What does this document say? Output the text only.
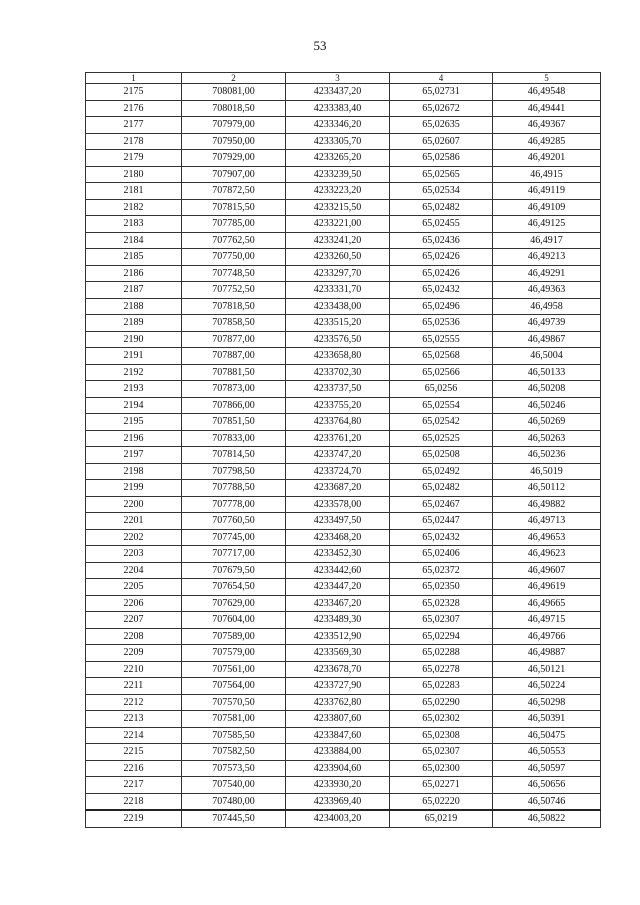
53
1	2	3	4	5
2175	708081,00	4233437,20	65,02731	46,49548
2176	708018,50	4233383,40	65,02672	46,49441
2177	707979,00	4233346,20	65,02635	46,49367
2178	707950,00	4233305,70	65,02607	46,49285
2179	707929,00	4233265,20	65,02586	46,49201
2180	707907,00	4233239,50	65,02565	46,4915
2181	707872,50	4233223,20	65,02534	46,49119
2182	707815,50	4233215,50	65,02482	46,49109
2183	707785,00	4233221,00	65,02455	46,49125
2184	707762,50	4233241,20	65,02436	46,4917
2185	707750,00	4233260,50	65,02426	46,49213
2186	707748,50	4233297,70	65,02426	46,49291
2187	707752,50	4233331,70	65,02432	46,49363
2188	707818,50	4233438,00	65,02496	46,4958
2189	707858,50	4233515,20	65,02536	46,49739
2190	707877,00	4233576,50	65,02555	46,49867
2191	707887,00	4233658,80	65,02568	46,5004
2192	707881,50	4233702,30	65,02566	46,50133
2193	707873,00	4233737,50	65,0256	46,50208
2194	707866,00	4233755,20	65,02554	46,50246
2195	707851,50	4233764,80	65,02542	46,50269
2196	707833,00	4233761,20	65,02525	46,50263
2197	707814,50	4233747,20	65,02508	46,50236
2198	707798,50	4233724,70	65,02492	46,5019
2199	707788,50	4233687,20	65,02482	46,50112
2200	707778,00	4233578,00	65,02467	46,49882
2201	707760,50	4233497,50	65,02447	46,49713
2202	707745,00	4233468,20	65,02432	46,49653
2203	707717,00	4233452,30	65,02406	46,49623
2204	707679,50	4233442,60	65,02372	46,49607
2205	707654,50	4233447,20	65,02350	46,49619
2206	707629,00	4233467,20	65,02328	46,49665
2207	707604,00	4233489,30	65,02307	46,49715
2208	707589,00	4233512,90	65,02294	46,49766
2209	707579,00	4233569,30	65,02288	46,49887
2210	707561,00	4233678,70	65,02278	46,50121
2211	707564,00	4233727,90	65,02283	46,50224
2212	707570,50	4233762,80	65,02290	46,50298
2213	707581,00	4233807,60	65,02302	46,50391
2214	707585,50	4233847,60	65,02308	46,50475
2215	707582,50	4233884,00	65,02307	46,50553
2216	707573,50	4233904,60	65,02300	46,50597
2217	707540,00	4233930,20	65,02271	46,50656
2218	707480,00	4233969,40	65,02220	46,50746
2219	707445,50	4234003,20	65,0219	46,50822
